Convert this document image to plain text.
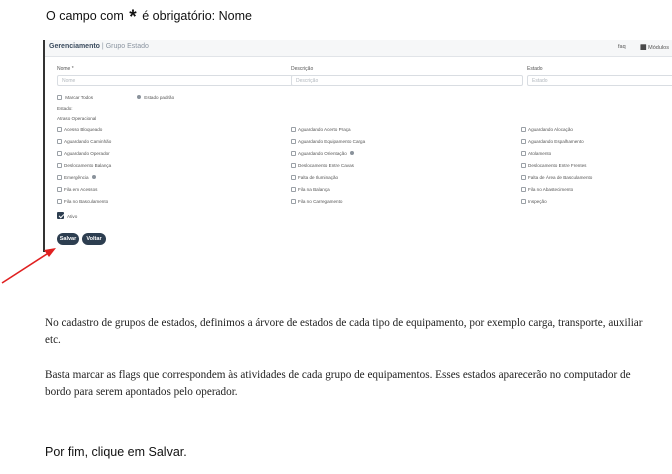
O campo com * é obrigatório: Nome
Gerenciamento | Grupo Estado	faq ▦ Módulos
Nome *
Nome
Descrição
Descrição
Estado
Estado
Marcar Todos	Estado padrão
Estado:
Atraso Operacional
Acesso Bloqueado	Aguardando Acerto Praça	Aguardando Alocação
Aguardando Caminhão	Aguardando Equipamento Carga	Aguardando Espalhamento
Aguardando Operador	Aguardando Orientação	Atolamento
Deslocamento Balança	Deslocamento Entre Cavas	Deslocamento Entre Frentes
Emergência	Falta de Iluminação	Falta de Área de Basculamento
Fila em Acessos	Fila na Balança	Fila no Abastecimento
Fila no Basculamento	Fila no Carregamento	Inspeção
Ativo
Salvar	Voltar
No cadastro de grupos de estados, definimos a árvore de estados de cada tipo de equipamento, por exemplo carga, transporte, auxiliar etc.
Basta marcar as flags que correspondem às atividades de cada grupo de equipamentos. Esses estados aparecerão no computador de bordo para serem apontados pelo operador.
Por fim, clique em Salvar.
